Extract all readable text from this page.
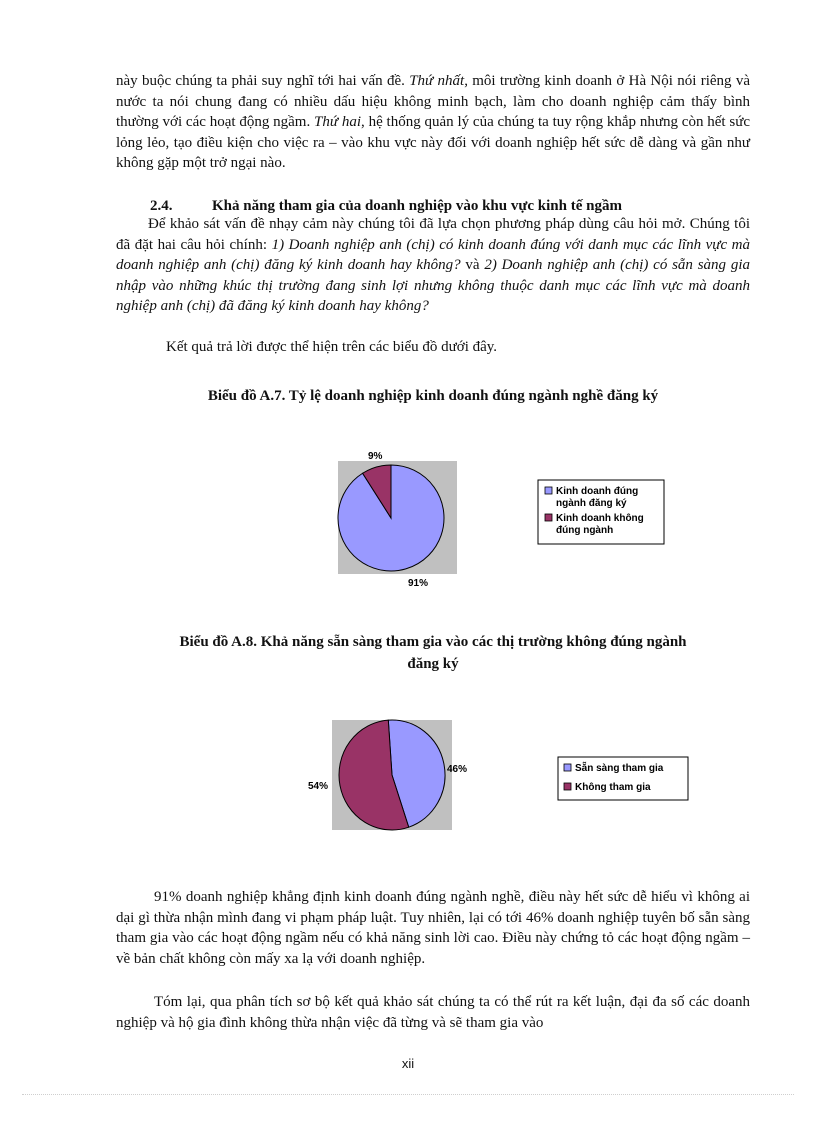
này buộc chúng ta phải suy nghĩ tới hai vấn đề. Thứ nhất, môi trường kinh doanh ở Hà Nội nói riêng và nước ta nói chung đang có nhiều dấu hiệu không minh bạch, làm cho doanh nghiệp cảm thấy bình thường với các hoạt động ngầm. Thứ hai, hệ thống quản lý của chúng ta tuy rộng khắp nhưng còn hết sức lỏng lẻo, tạo điều kiện cho việc ra – vào khu vực này đối với doanh nghiệp hết sức dễ dàng và gần như không gặp một trở ngại nào.

2.4.	Khả năng tham gia của doanh nghiệp vào khu vực kinh tế ngầm

Để khảo sát vấn đề nhạy cảm này chúng tôi đã lựa chọn phương pháp dùng câu hỏi mở. Chúng tôi đã đặt hai câu hỏi chính: 1) Doanh nghiệp anh (chị) có kinh doanh đúng với danh mục các lĩnh vực mà doanh nghiệp anh (chị) đăng ký kinh doanh hay không? và 2) Doanh nghiệp anh (chị) có sẵn sàng gia nhập vào những khúc thị trường đang sinh lợi nhưng không thuộc danh mục các lĩnh vực mà doanh nghiệp anh (chị) đã đăng ký kinh doanh hay không?

Kết quả trả lời được thể hiện trên các biểu đồ dưới đây.

Biểu đồ A.7. Tỷ lệ doanh nghiệp kinh doanh đúng ngành nghề đăng ký

9%
91%
Kinh doanh đúng
ngành đăng ký
Kinh doanh không
đúng ngành

Biểu đồ A.8. Khả năng sẵn sàng tham gia vào các thị trường không đúng ngành
đăng ký

46%
54%
Sẵn sàng tham gia
Không tham gia

91% doanh nghiệp khẳng định kinh doanh đúng ngành nghề, điều này hết sức dễ hiểu vì không ai dại gì thừa nhận mình đang vi phạm pháp luật. Tuy nhiên, lại có tới 46% doanh nghiệp tuyên bố sẵn sàng tham gia vào các hoạt động ngầm nếu có khả năng sinh lời cao. Điều này chứng tỏ các hoạt động ngầm – về bản chất không còn mấy xa lạ với doanh nghiệp.

Tóm lại, qua phân tích sơ bộ kết quả khảo sát chúng ta có thể rút ra kết luận, đại đa số các doanh nghiệp và hộ gia đình không thừa nhận việc đã từng và sẽ tham gia vào

xii
